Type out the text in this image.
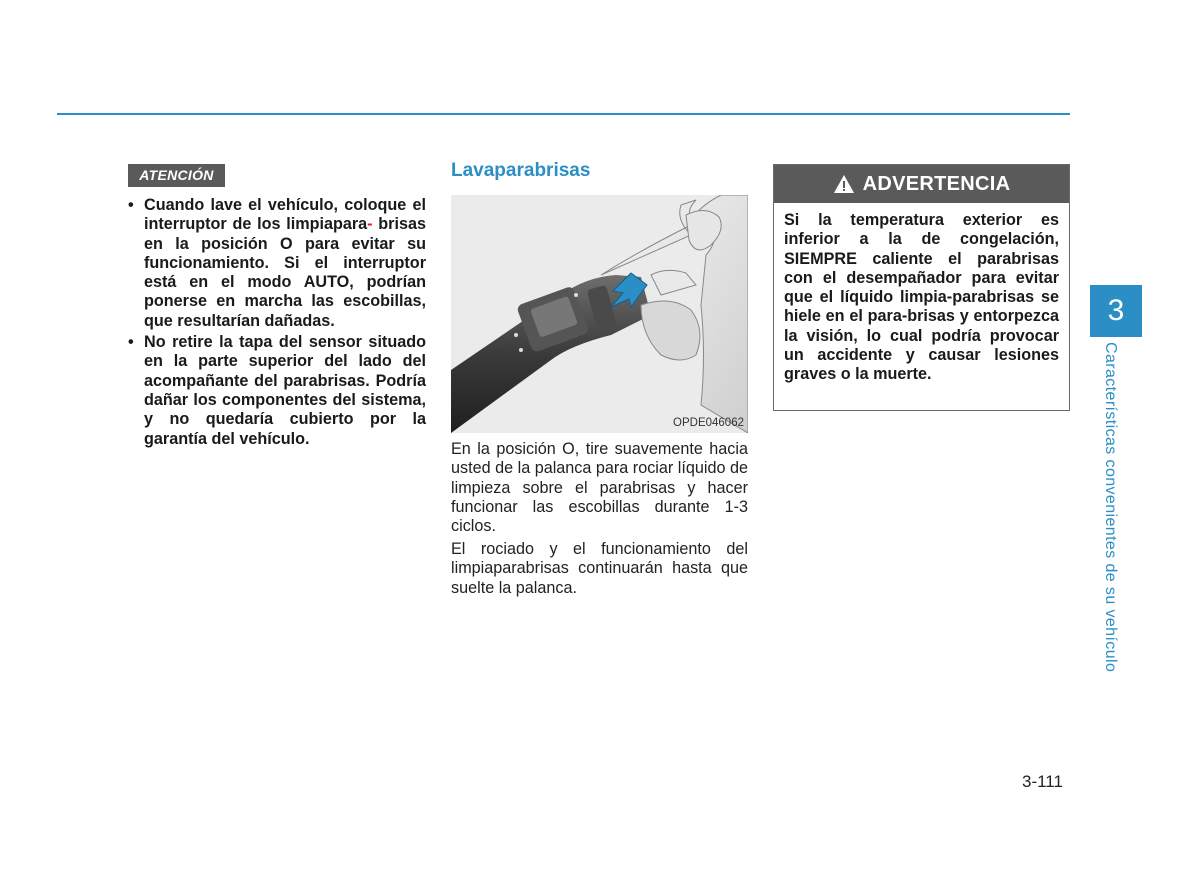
ATENCIÓN
• Cuando lave el vehículo, coloque el interruptor de los limpiapara- brisas en la posición O para evitar su funcionamiento. Si el interruptor está en el modo AUTO, podrían ponerse en marcha las escobillas, que resultarían dañadas.
• No retire la tapa del sensor situado en la parte superior del lado del acompañante del parabrisas. Podría dañar los componentes del sistema, y no quedaría cubierto por la garantía del vehículo.
Lavaparabrisas
OPDE046062

En la posición O, tire suavemente hacia usted de la palanca para rociar líquido de limpieza sobre el parabrisas y hacer funcionar las escobillas durante 1-3 ciclos.

El rociado y el funcionamiento del limpiaparabrisas continuarán hasta que suelte la palanca.

ADVERTENCIA
Si la temperatura exterior es inferior a la de congelación, SIEMPRE caliente el parabrisas con el desempañador para evitar que el líquido limpia-parabrisas se hiele en el para-brisas y entorpezca la visión, lo cual podría provocar un accidente y causar lesiones graves o la muerte.
3
Características convenientes de su vehículo
3-111
